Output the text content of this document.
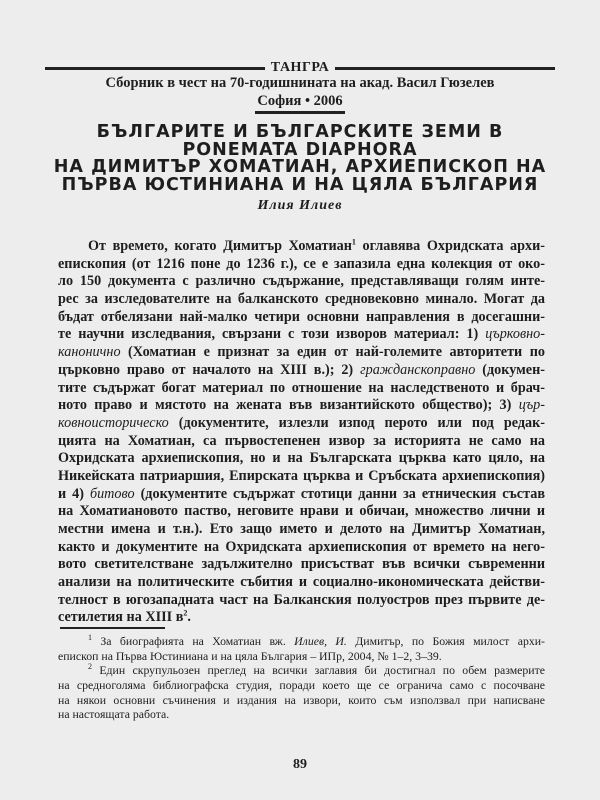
ТАНГРА
Сборник в чест на 70-годишнината на акад. Васил Гюзелев
София • 2006
БЪЛГАРИТЕ И БЪЛГАРСКИТЕ ЗЕМИ В
PONEMATA DIAPHORA
НА ДИМИТЪР ХОМАТИАН, АРХИЕПИСКОП НА
ПЪРВА ЮСТИНИАНА И НА ЦЯЛА БЪЛГАРИЯ
Илия Илиев
От времето, когато Димитър Хоматиан$^1$ оглавява Охридската архи-
епископия (от 1216 поне до 1236 г.), се е запазила една колекция от око-
ло 150 документа с различно съдържание, представляващи голям инте-
рес за изследователите на балканското средновековно минало. Могат да
бъдат отбелязани най-малко четири основни направления в досегашни-
те научни изследвания, свързани с този изворов материал: 1) църковно-
канонично (Хоматиан е признат за един от най-големите авторитети по
църковно право от началото на XIII в.); 2) гражданскоправно (докумен-
тите съдържат богат материал по отношение на наследственото и брач-
ното право и мястото на жената във византийското общество); 3) цър-
ковноисторическо (документите, излезли изпод перото или под редак-
цията на Хоматиан, са първостепенен извор за историята не само на
Охридската архиепископия, но и на Българската църква като цяло, на
Никейската патриаршия, Епирската църква и Сръбската архиепископия)
и 4) битово (документите съдържат стотици данни за етническия състав
на Хоматиановото паство, неговите нрави и обичаи, множество лични и
местни имена и т.н.). Ето защо името и делото на Димитър Хоматиан,
както и документите на Охридската архиепископия от времето на него-
вото светителстване задължително присъстват във всички съвременни
анализи на политическите събития и социално-икономическата действи-
телност в югозападната част на Балканския полуостров през първите де-
сетилетия на XIII $в^2$.
$^1$ За биографията на Хоматиан вж. Илиев, И. Димитър, по Божия милост архи-
епископ на Първа Юстиниана и на цяла България – ИПр, 2004, № 1–2, 3–39.
$^2$ Един скрупульозен преглед на всички заглавия би достигнал по обем размерите
на средноголяма библиографска студия, поради което ще се огранича само с посочване
на някои основни съчинения и издания на извори, които съм използвал при написване
на настоящата работа.
89
